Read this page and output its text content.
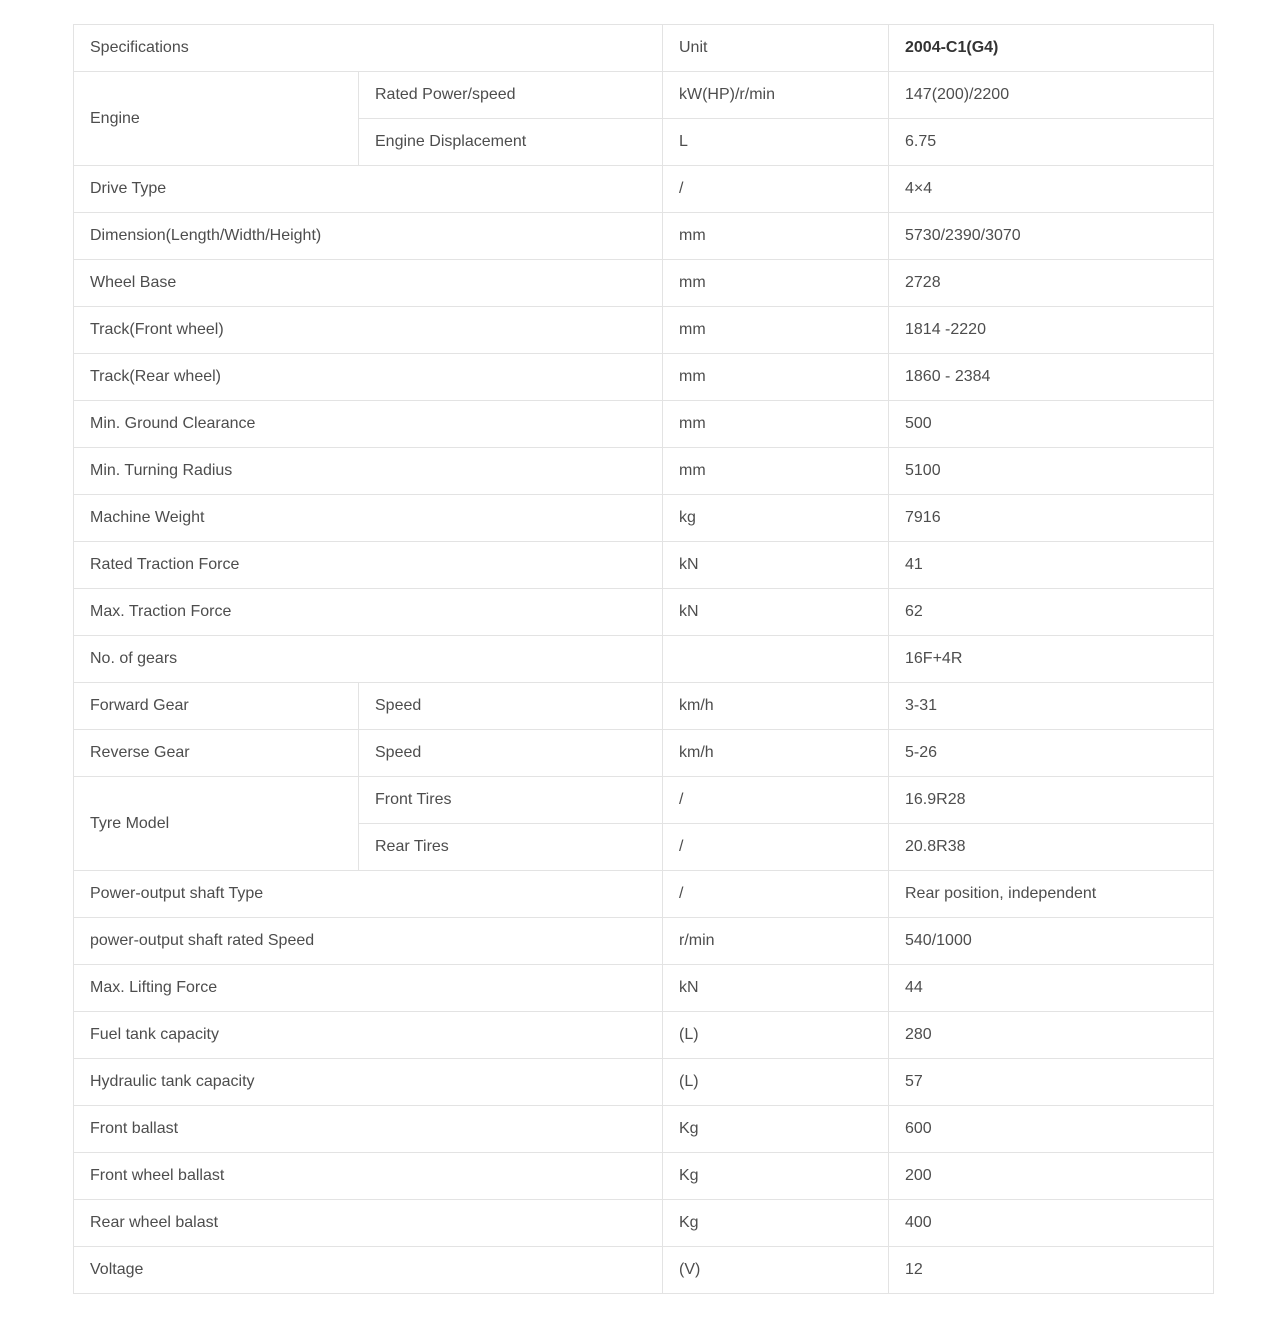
Specifications		Unit	2004-C1(G4)
Engine	Rated Power/speed	kW(HP)/r/min	147(200)/2200
	Engine Displacement	L	6.75
Drive Type		/	4×4
Dimension(Length/Width/Height)		mm	5730/2390/3070
Wheel Base		mm	2728
Track(Front wheel)		mm	1814 -2220
Track(Rear wheel)		mm	1860 - 2384
Min. Ground Clearance		mm	500
Min. Turning Radius		mm	5100
Machine Weight		kg	7916
Rated Traction Force		kN	41
Max. Traction Force		kN	62
No. of gears			16F+4R
Forward Gear	Speed	km/h	3-31
Reverse Gear	Speed	km/h	5-26
Tyre Model	Front Tires	/	16.9R28
	Rear Tires	/	20.8R38
Power-output shaft Type		/	Rear position, independent
power-output shaft rated Speed		r/min	540/1000
Max. Lifting Force		kN	44
Fuel tank capacity		(L)	280
Hydraulic tank capacity		(L)	57
Front ballast		Kg	600
Front wheel ballast		Kg	200
Rear wheel balast		Kg	400
Voltage		(V)	12
